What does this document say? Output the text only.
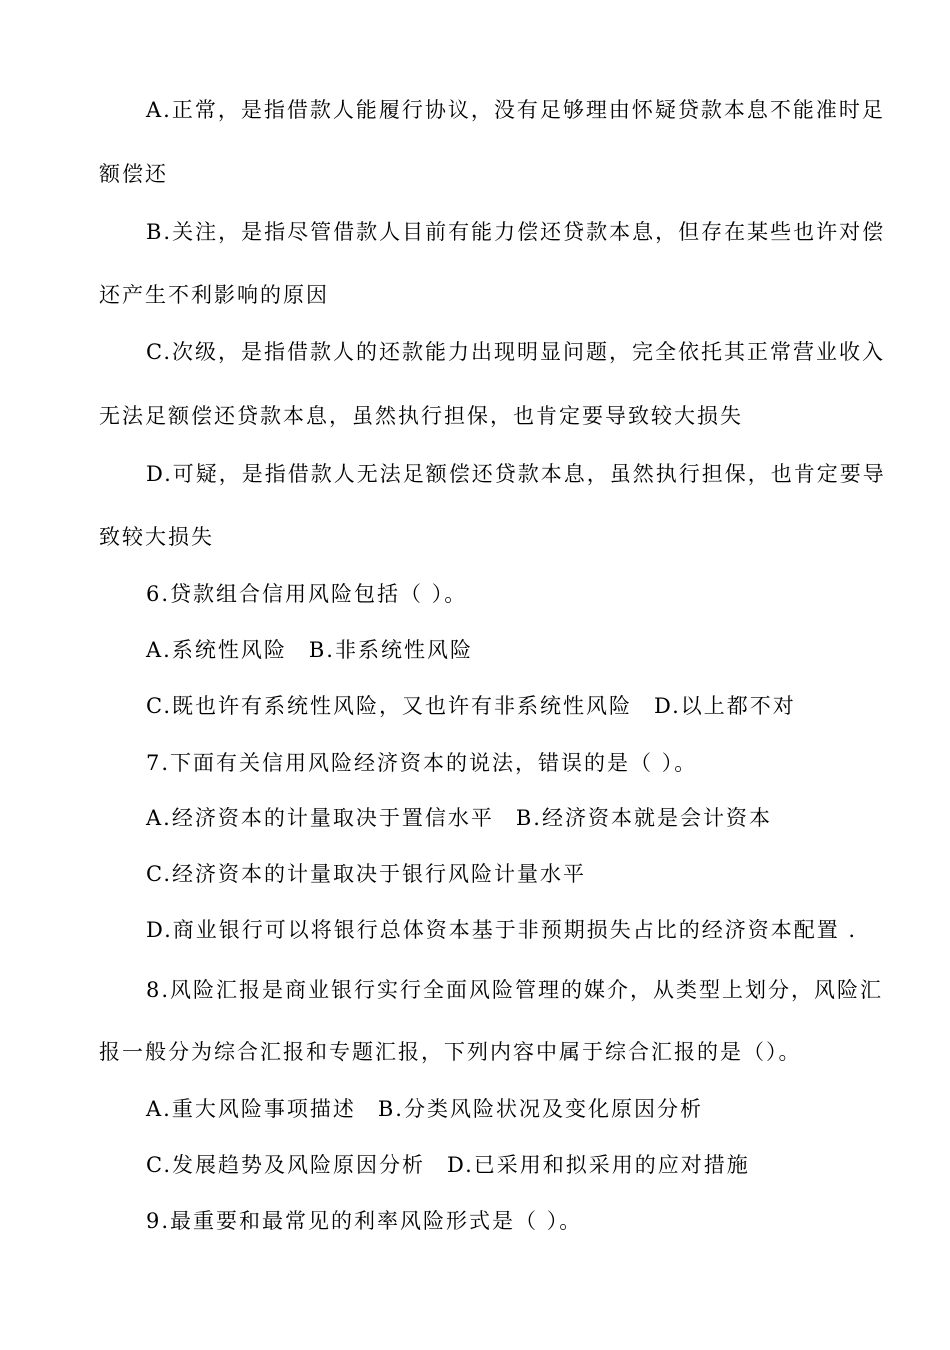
A.正常，是指借款人能履行协议，没有足够理由怀疑贷款本息不能准时足
额偿还
B.关注，是指尽管借款人目前有能力偿还贷款本息，但存在某些也许对偿
还产生不利影响的原因
C.次级，是指借款人的还款能力出现明显问题，完全依托其正常营业收入
无法足额偿还贷款本息，虽然执行担保，也肯定要导致较大损失
D.可疑，是指借款人无法足额偿还贷款本息，虽然执行担保，也肯定要导
致较大损失
6.贷款组合信用风险包括（ ）。
A.系统性风险 B.非系统性风险
C.既也许有系统性风险，又也许有非系统性风险 D.以上都不对
7.下面有关信用风险经济资本的说法，错误的是（ ）。
A.经济资本的计量取决于置信水平 B.经济资本就是会计资本
C.经济资本的计量取决于银行风险计量水平
D.商业银行可以将银行总体资本基于非预期损失占比的经济资本配置 .
8.风险汇报是商业银行实行全面风险管理的媒介，从类型上划分，风险汇
报一般分为综合汇报和专题汇报，下列内容中属于综合汇报的是（）。
A.重大风险事项描述 B.分类风险状况及变化原因分析
C.发展趋势及风险原因分析 D.已采用和拟采用的应对措施
9.最重要和最常见的利率风险形式是（ ）。
